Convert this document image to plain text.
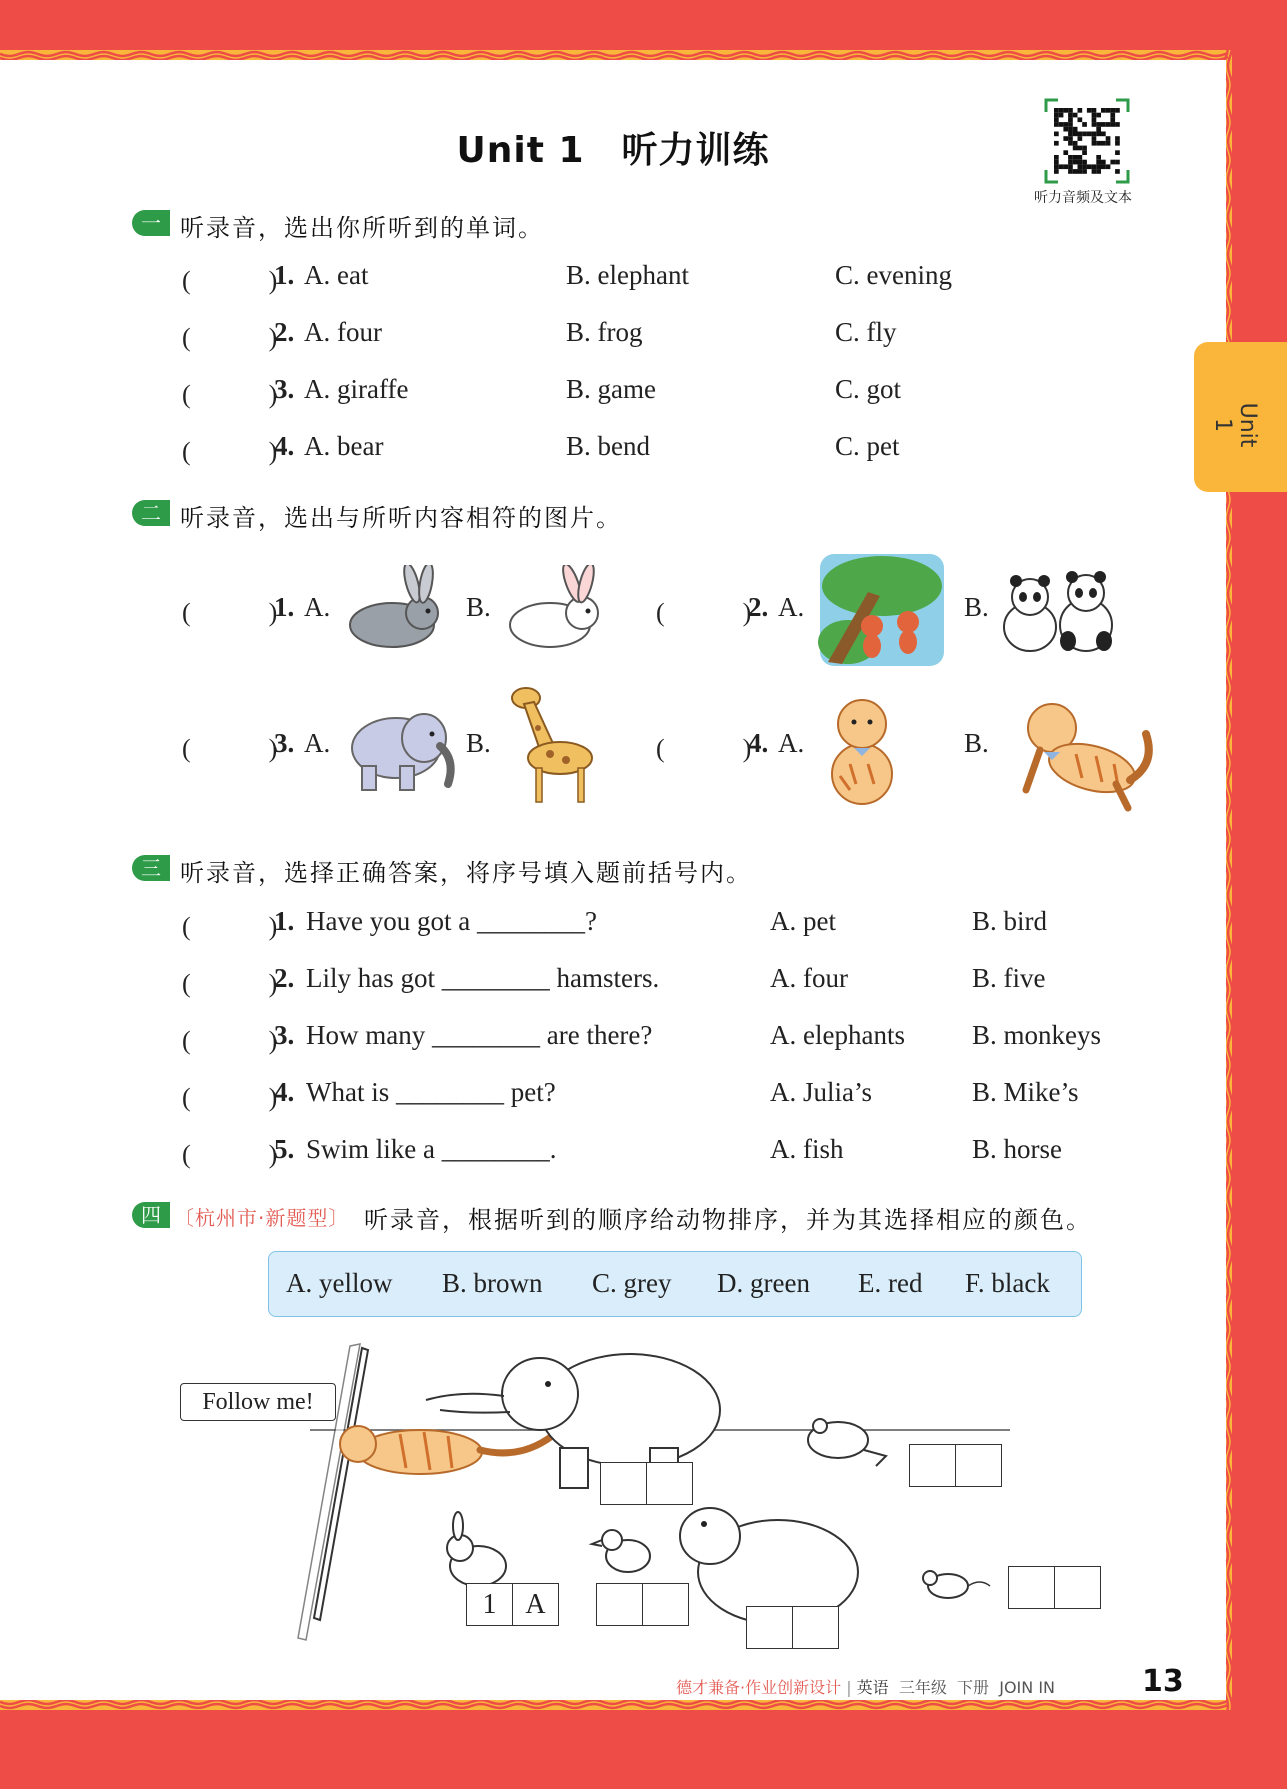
Unit 1
Unit 1　听力训练
听力音频及文本
一 听录音，选出你所听到的单词。
(　　　)
1. A. eat	B. elephant	C. evening
(　　　)
2. A. four	B. frog	C. fly
(　　　)
3. A. giraffe	B. game	C. got
(　　　)
4. A. bear	B. bend	C. pet
二 听录音，选出与所听内容相符的图片。
(　　　)
1. A.	B.	(　　　)
2. A.	B.
(　　　)
3. A.	B.	(　　　)
4. A.	B.
三 听录音，选择正确答案，将序号填入题前括号内。
(　　　)
1. Have you got a ________?	A. pet	B. bird
(　　　)
2. Lily has got ________ hamsters.	A. four	B. five
(　　　)
3. How many ________ are there?	A. elephants B. monkeys
(　　　)
4. What is ________ pet?	A. Julia’s	B. Mike’s
(　　　)
5. Swim like a ________.	A. fish	B. horse
四 〔杭州市·新题型〕 听录音，根据听到的顺序给动物排序，并为其选择相应的颜色。
A. yellow B. brown C. grey D. green E. red F. black
Follow me!
1	A
德才兼备·作业创新设计 | 英语 三年级 下册 JOIN IN	13
